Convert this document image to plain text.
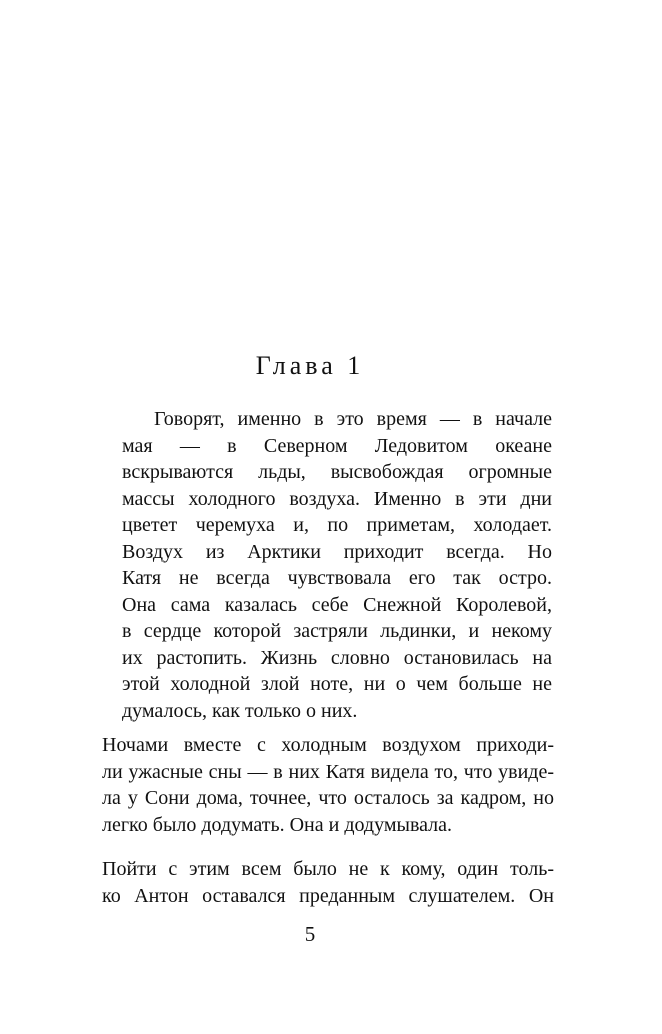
Глава 1
Говорят, именно в это время — в начале
мая — в Северном Ледовитом океане
вскрываются льды, высвобождая огромные
массы холодного воздуха. Именно в эти дни
цветет черемуха и, по приметам, холодает.
Воздух из Арктики приходит всегда. Но
Катя не всегда чувствовала его так остро.
Она сама казалась себе Снежной Королевой,
в сердце которой застряли льдинки, и некому
их растопить. Жизнь словно остановилась на
этой холодной злой ноте, ни о чем больше не
думалось, как только о них.
Ночами вместе с холодным воздухом приходи-
ли ужасные сны — в них Катя видела то, что увиде-
ла у Сони дома, точнее, что осталось за кадром, но
легко было додумать. Она и додумывала.
Пойти с этим всем было не к кому, один толь-
ко Антон оставался преданным слушателем. Он
5
